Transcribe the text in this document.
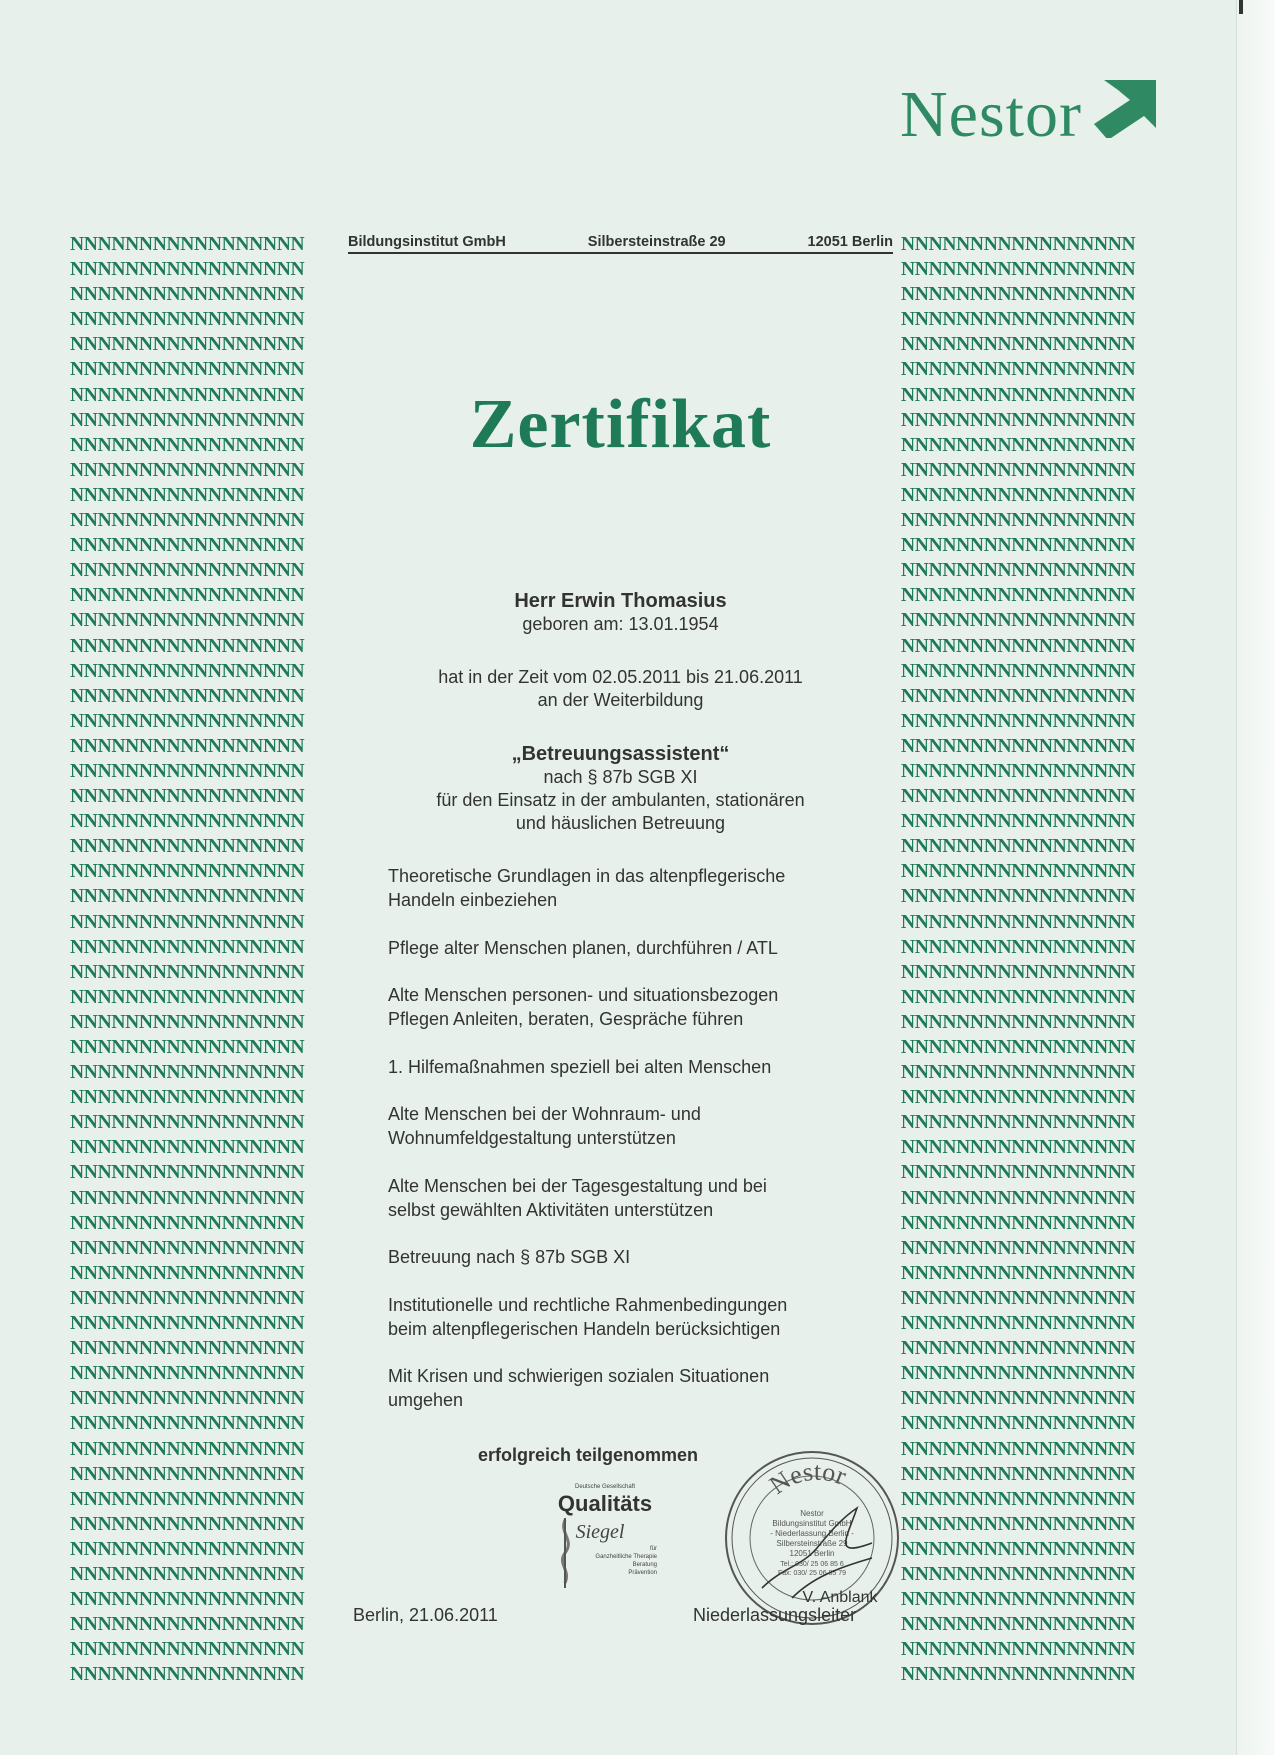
Nestor
NNNNNNNNNNNNNNNNN
NNNNNNNNNNNNNNNNN
NNNNNNNNNNNNNNNNN
NNNNNNNNNNNNNNNNN
NNNNNNNNNNNNNNNNN
NNNNNNNNNNNNNNNNN
NNNNNNNNNNNNNNNNN
NNNNNNNNNNNNNNNNN
NNNNNNNNNNNNNNNNN
NNNNNNNNNNNNNNNNN
NNNNNNNNNNNNNNNNN
NNNNNNNNNNNNNNNNN
NNNNNNNNNNNNNNNNN
NNNNNNNNNNNNNNNNN
NNNNNNNNNNNNNNNNN
NNNNNNNNNNNNNNNNN
NNNNNNNNNNNNNNNNN
NNNNNNNNNNNNNNNNN
NNNNNNNNNNNNNNNNN
NNNNNNNNNNNNNNNNN
NNNNNNNNNNNNNNNNN
NNNNNNNNNNNNNNNNN
NNNNNNNNNNNNNNNNN
NNNNNNNNNNNNNNNNN
NNNNNNNNNNNNNNNNN
NNNNNNNNNNNNNNNNN
NNNNNNNNNNNNNNNNN
NNNNNNNNNNNNNNNNN
NNNNNNNNNNNNNNNNN
NNNNNNNNNNNNNNNNN
NNNNNNNNNNNNNNNNN
NNNNNNNNNNNNNNNNN
NNNNNNNNNNNNNNNNN
NNNNNNNNNNNNNNNNN
NNNNNNNNNNNNNNNNN
NNNNNNNNNNNNNNNNN
NNNNNNNNNNNNNNNNN
NNNNNNNNNNNNNNNNN
NNNNNNNNNNNNNNNNN
NNNNNNNNNNNNNNNNN
NNNNNNNNNNNNNNNNN
NNNNNNNNNNNNNNNNN
NNNNNNNNNNNNNNNNN
NNNNNNNNNNNNNNNNN
NNNNNNNNNNNNNNNNN
NNNNNNNNNNNNNNNNN
NNNNNNNNNNNNNNNNN
NNNNNNNNNNNNNNNNN
NNNNNNNNNNNNNNNNN
NNNNNNNNNNNNNNNNN
NNNNNNNNNNNNNNNNN
NNNNNNNNNNNNNNNNN
NNNNNNNNNNNNNNNNN
NNNNNNNNNNNNNNNNN
NNNNNNNNNNNNNNNNN
NNNNNNNNNNNNNNNNN
NNNNNNNNNNNNNNNNN
NNNNNNNNNNNNNNNNN
NNNNNNNNNNNNNNNNN
NNNNNNNNNNNNNNNNN
NNNNNNNNNNNNNNNNN
NNNNNNNNNNNNNNNNN
NNNNNNNNNNNNNNNNN
NNNNNNNNNNNNNNNNN
NNNNNNNNNNNNNNNNN
NNNNNNNNNNNNNNNNN
NNNNNNNNNNNNNNNNN
NNNNNNNNNNNNNNNNN
NNNNNNNNNNNNNNNNN
NNNNNNNNNNNNNNNNN
NNNNNNNNNNNNNNNNN
NNNNNNNNNNNNNNNNN
NNNNNNNNNNNNNNNNN
NNNNNNNNNNNNNNNNN
NNNNNNNNNNNNNNNNN
NNNNNNNNNNNNNNNNN
NNNNNNNNNNNNNNNNN
NNNNNNNNNNNNNNNNN
NNNNNNNNNNNNNNNNN
NNNNNNNNNNNNNNNNN
NNNNNNNNNNNNNNNNN
NNNNNNNNNNNNNNNNN
NNNNNNNNNNNNNNNNN
NNNNNNNNNNNNNNNNN
NNNNNNNNNNNNNNNNN
NNNNNNNNNNNNNNNNN
NNNNNNNNNNNNNNNNN
NNNNNNNNNNNNNNNNN
NNNNNNNNNNNNNNNNN
NNNNNNNNNNNNNNNNN
NNNNNNNNNNNNNNNNN
NNNNNNNNNNNNNNNNN
NNNNNNNNNNNNNNNNN
NNNNNNNNNNNNNNNNN
NNNNNNNNNNNNNNNNN
NNNNNNNNNNNNNNNNN
NNNNNNNNNNNNNNNNN
NNNNNNNNNNNNNNNNN
NNNNNNNNNNNNNNNNN
NNNNNNNNNNNNNNNNN
NNNNNNNNNNNNNNNNN
NNNNNNNNNNNNNNNNN
NNNNNNNNNNNNNNNNN
NNNNNNNNNNNNNNNNN
NNNNNNNNNNNNNNNNN
NNNNNNNNNNNNNNNNN
NNNNNNNNNNNNNNNNN
NNNNNNNNNNNNNNNNN
NNNNNNNNNNNNNNNNN
NNNNNNNNNNNNNNNNN
NNNNNNNNNNNNNNNNN
NNNNNNNNNNNNNNNNN
NNNNNNNNNNNNNNNNN
NNNNNNNNNNNNNNNNN
NNNNNNNNNNNNNNNNN
NNNNNNNNNNNNNNNNN
Bildungsinstitut GmbH	Silbersteinstraße 29	12051 Berlin
Zertifikat
Herr Erwin Thomasius
geboren am: 13.01.1954
hat in der Zeit vom 02.05.2011 bis 21.06.2011
an der Weiterbildung
„Betreuungsassistent“
nach § 87b SGB XI
für den Einsatz in der ambulanten, stationären
und häuslichen Betreuung
Theoretische Grundlagen in das altenpflegerische
Handeln einbeziehen
Pflege alter Menschen planen, durchführen / ATL
Alte Menschen personen- und situationsbezogen
Pflegen Anleiten, beraten, Gespräche führen
1. Hilfemaßnahmen speziell bei alten Menschen
Alte Menschen bei der Wohnraum- und
Wohnumfeldgestaltung unterstützen
Alte Menschen bei der Tagesgestaltung und bei
selbst gewählten Aktivitäten unterstützen
Betreuung nach § 87b SGB XI
Institutionelle und rechtliche Rahmenbedingungen
beim altenpflegerischen Handeln berücksichtigen
Mit Krisen und schwierigen sozialen Situationen
umgehen
erfolgreich teilgenommen
Deutsche Gesellschaft
Qualitäts
Siegel
für
Ganzheitliche Therapie
Beratung
Prävention
Nestor
Nestor
Bildungsinstitut GmbH
- Niederlassung Berlin -
Silbersteinstraße 29
12051 Berlin
Tel.: 030/ 25 06 85 6
Fax: 030/ 25 06 85 79
V. Anblank
Berlin, 21.06.2011	Niederlassungsleiter
